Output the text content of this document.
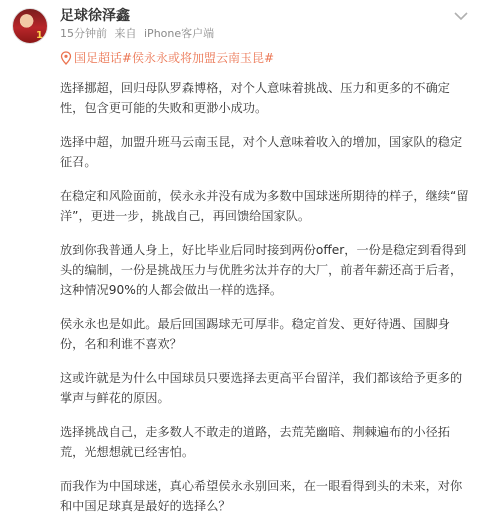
1
足球徐泽鑫
15分钟前 来自 iPhone客户端
国足超话#侯永永或将加盟云南玉昆#

选择挪超，回归母队罗森博格，对个人意味着挑战、压力和更多的不确定性，包含更可能的失败和更渺小成功。

选择中超，加盟升班马云南玉昆，对个人意味着收入的增加，国家队的稳定征召。

在稳定和风险面前，侯永永并没有成为多数中国球迷所期待的样子，继续“留洋”，更进一步，挑战自己，再回馈给国家队。

放到你我普通人身上，好比毕业后同时接到两份offer，一份是稳定到看得到头的编制，一份是挑战压力与优胜劣汰并存的大厂，前者年薪还高于后者，这种情况90%的人都会做出一样的选择。

侯永永也是如此。最后回国踢球无可厚非。稳定首发、更好待遇、国脚身份，名和利谁不喜欢？

这或许就是为什么中国球员只要选择去更高平台留洋，我们都该给予更多的掌声与鲜花的原因。

选择挑战自己，走多数人不敢走的道路，去荒芜幽暗、荆棘遍布的小径拓荒，光想想就已经害怕。

而我作为中国球迷，真心希望侯永永别回来，在一眼看得到头的未来，对你和中国足球真是最好的选择么？
